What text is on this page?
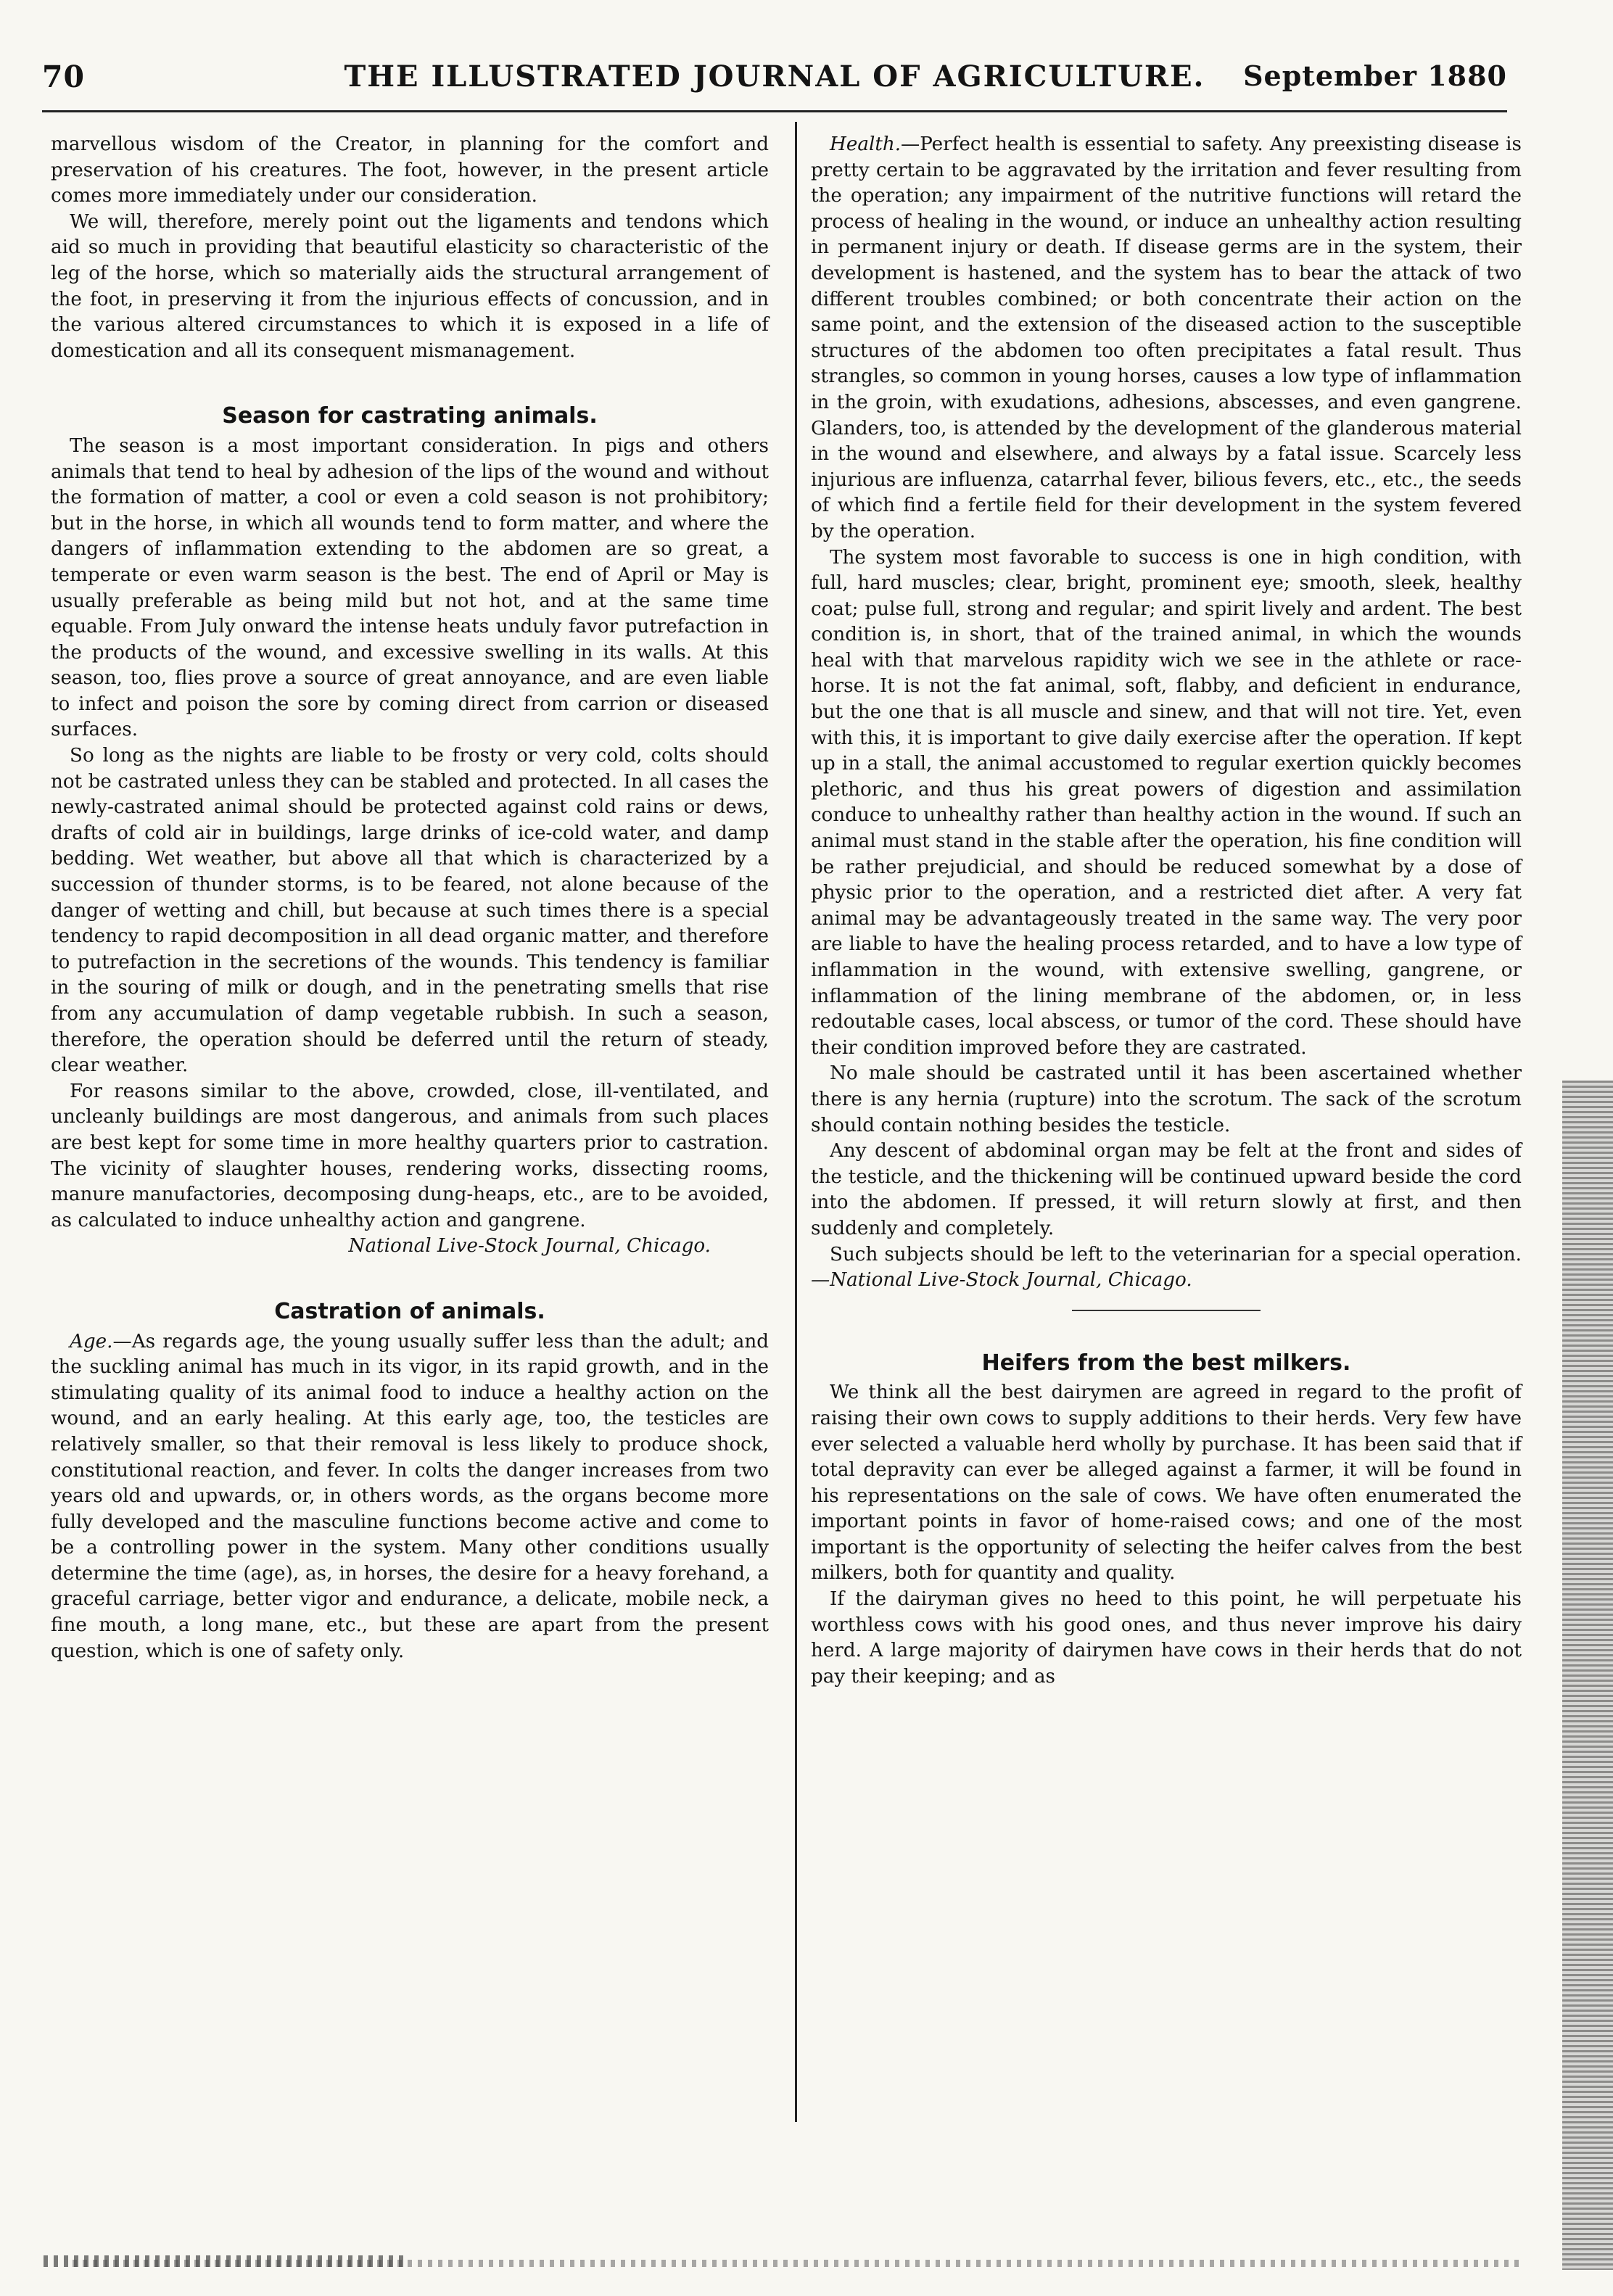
70	THE ILLUSTRATED JOURNAL OF AGRICULTURE.	September 1880

marvellous wisdom of the Creator, in planning for the comfort and preservation of his creatures. The foot, however, in the present article comes more immediately under our consideration.

We will, therefore, merely point out the ligaments and tendons which aid so much in providing that beautiful elasticity so characteristic of the leg of the horse, which so materially aids the structural arrangement of the foot, in preserving it from the injurious effects of concussion, and in the various altered circumstances to which it is exposed in a life of domestication and all its consequent mismanagement.

Season for castrating animals.

The season is a most important consideration. In pigs and others animals that tend to heal by adhesion of the lips of the wound and without the formation of matter, a cool or even a cold season is not prohibitory; but in the horse, in which all wounds tend to form matter, and where the dangers of inflammation extending to the abdomen are so great, a temperate or even warm season is the best. The end of April or May is usually preferable as being mild but not hot, and at the same time equable. From July onward the intense heats unduly favor putrefaction in the products of the wound, and excessive swelling in its walls. At this season, too, flies prove a source of great annoyance, and are even liable to infect and poison the sore by coming direct from carrion or diseased surfaces.

So long as the nights are liable to be frosty or very cold, colts should not be castrated unless they can be stabled and protected. In all cases the newly-castrated animal should be protected against cold rains or dews, drafts of cold air in buildings, large drinks of ice-cold water, and damp bedding. Wet weather, but above all that which is characterized by a succession of thunder storms, is to be feared, not alone because of the danger of wetting and chill, but because at such times there is a special tendency to rapid decomposition in all dead organic matter, and therefore to putrefaction in the secretions of the wounds. This tendency is familiar in the souring of milk or dough, and in the penetrating smells that rise from any accumulation of damp vegetable rubbish. In such a season, therefore, the operation should be deferred until the return of steady, clear weather.

For reasons similar to the above, crowded, close, ill-ventilated, and uncleanly buildings are most dangerous, and animals from such places are best kept for some time in more healthy quarters prior to castration. The vicinity of slaughter houses, rendering works, dissecting rooms, manure manufactories, decomposing dung-heaps, etc., are to be avoided, as calculated to induce unhealthy action and gangrene.

National Live-Stock Journal, Chicago.
Castration of animals.

Age.—As regards age, the young usually suffer less than the adult; and the suckling animal has much in its vigor, in its rapid growth, and in the stimulating quality of its animal food to induce a healthy action on the wound, and an early healing. At this early age, too, the testicles are relatively smaller, so that their removal is less likely to produce shock, constitutional reaction, and fever. In colts the danger increases from two years old and upwards, or, in others words, as the organs become more fully developed and the masculine functions become active and come to be a controlling power in the system. Many other conditions usually determine the time (age), as, in horses, the desire for a heavy forehand, a graceful carriage, better vigor and endurance, a delicate, mobile neck, a fine mouth, a long mane, etc., but these are apart from the present question, which is one of safety only.

Health.—Perfect health is essential to safety. Any preexisting disease is pretty certain to be aggravated by the irritation and fever resulting from the operation; any impairment of the nutritive functions will retard the process of healing in the wound, or induce an unhealthy action resulting in permanent injury or death. If disease germs are in the system, their development is hastened, and the system has to bear the attack of two different troubles combined; or both concentrate their action on the same point, and the extension of the diseased action to the susceptible structures of the abdomen too often precipitates a fatal result. Thus strangles, so common in young horses, causes a low type of inflammation in the groin, with exudations, adhesions, abscesses, and even gangrene. Glanders, too, is attended by the development of the glanderous material in the wound and elsewhere, and always by a fatal issue. Scarcely less injurious are influenza, catarrhal fever, bilious fevers, etc., etc., the seeds of which find a fertile field for their development in the system fevered by the operation.

The system most favorable to success is one in high condition, with full, hard muscles; clear, bright, prominent eye; smooth, sleek, healthy coat; pulse full, strong and regular; and spirit lively and ardent. The best condition is, in short, that of the trained animal, in which the wounds heal with that marvelous rapidity wich we see in the athlete or race-horse. It is not the fat animal, soft, flabby, and deficient in endurance, but the one that is all muscle and sinew, and that will not tire. Yet, even with this, it is important to give daily exercise after the operation. If kept up in a stall, the animal accustomed to regular exertion quickly becomes plethoric, and thus his great powers of digestion and assimilation conduce to unhealthy rather than healthy action in the wound. If such an animal must stand in the stable after the operation, his fine condition will be rather prejudicial, and should be reduced somewhat by a dose of physic prior to the operation, and a restricted diet after. A very fat animal may be advantageously treated in the same way. The very poor are liable to have the healing process retarded, and to have a low type of inflammation in the wound, with extensive swelling, gangrene, or inflammation of the lining membrane of the abdomen, or, in less redoutable cases, local abscess, or tumor of the cord. These should have their condition improved before they are castrated.

No male should be castrated until it has been ascertained whether there is any hernia (rupture) into the scrotum. The sack of the scrotum should contain nothing besides the testicle.

Any descent of abdominal organ may be felt at the front and sides of the testicle, and the thickening will be continued upward beside the cord into the abdomen. If pressed, it will return slowly at first, and then suddenly and completely.

Such subjects should be left to the veterinarian for a special operation.—National Live-Stock Journal, Chicago.

Heifers from the best milkers.

We think all the best dairymen are agreed in regard to the profit of raising their own cows to supply additions to their herds. Very few have ever selected a valuable herd wholly by purchase. It has been said that if total depravity can ever be alleged against a farmer, it will be found in his representations on the sale of cows. We have often enumerated the important points in favor of home-raised cows; and one of the most important is the opportunity of selecting the heifer calves from the best milkers, both for quantity and quality.

If the dairyman gives no heed to this point, he will perpetuate his worthless cows with his good ones, and thus never improve his dairy herd. A large majority of dairymen have cows in their herds that do not pay their keeping; and as
